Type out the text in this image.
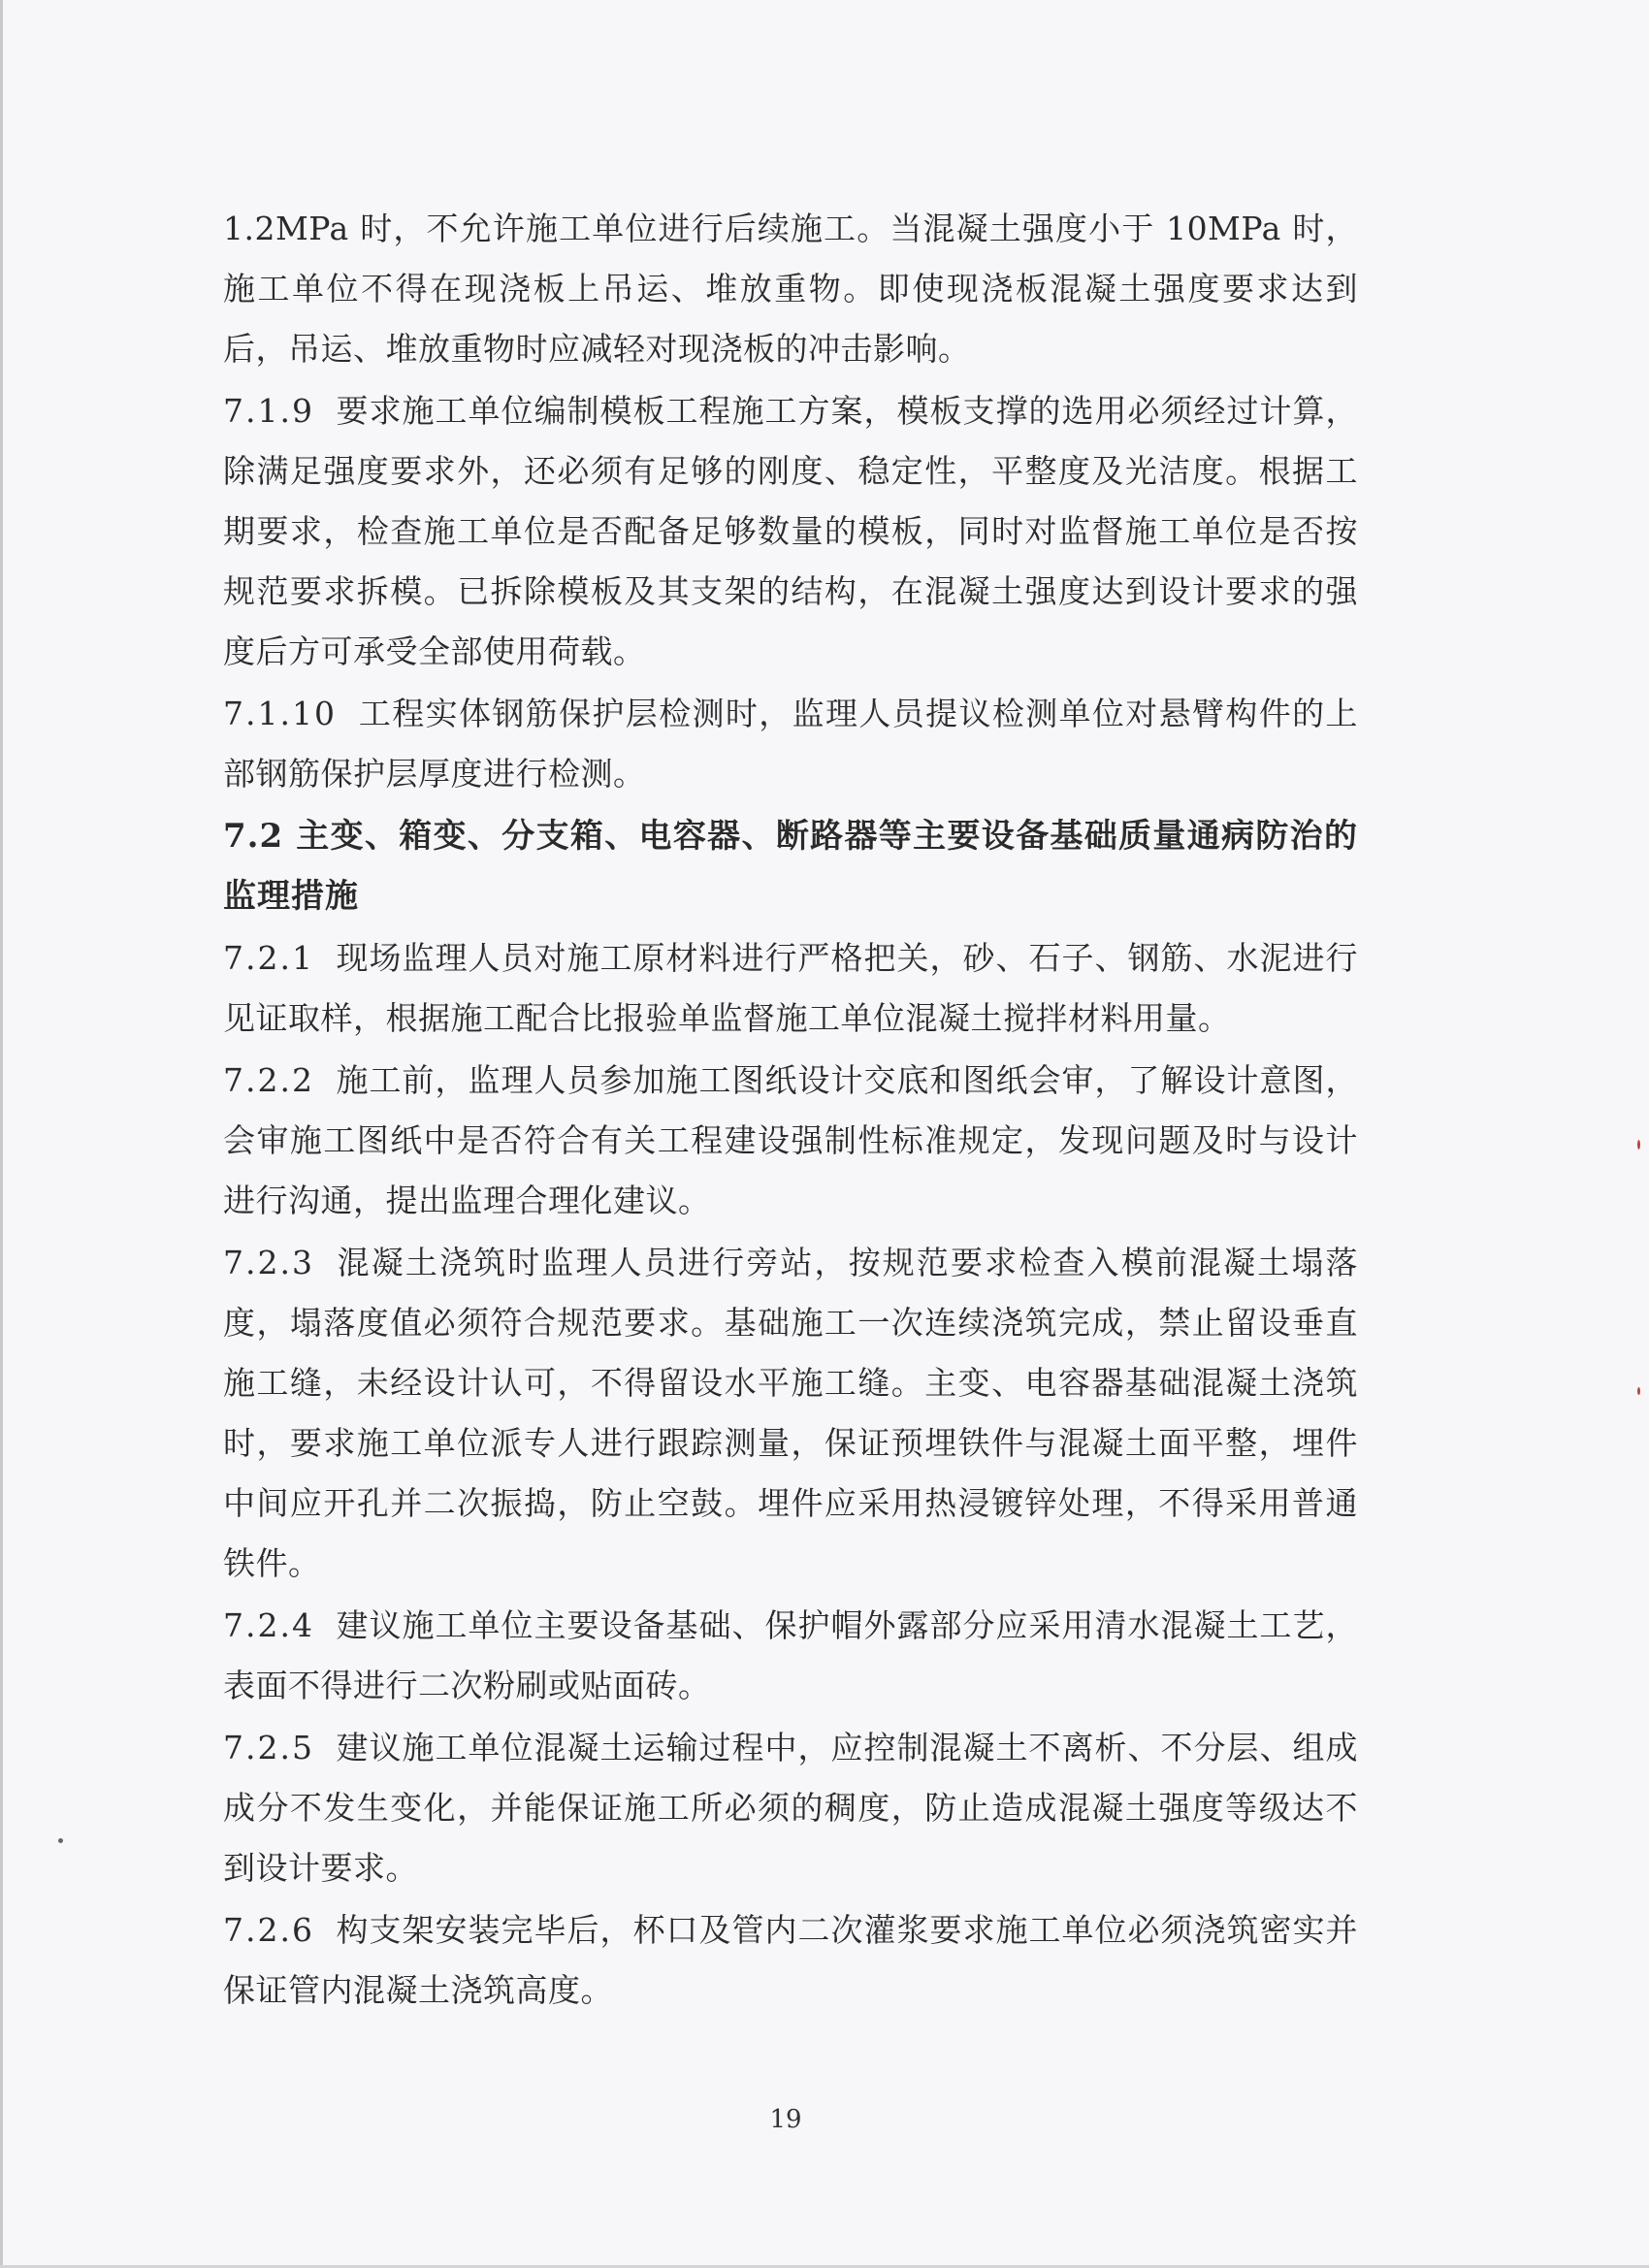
1.2MPa 时，不允许施工单位进行后续施工。当混凝土强度小于 10MPa 时，施工单位不得在现浇板上吊运、堆放重物。即使现浇板混凝土强度要求达到后，吊运、堆放重物时应减轻对现浇板的冲击影响。

7.1.9 要求施工单位编制模板工程施工方案，模板支撑的选用必须经过计算，除满足强度要求外，还必须有足够的刚度、稳定性，平整度及光洁度。根据工期要求，检查施工单位是否配备足够数量的模板，同时对监督施工单位是否按规范要求拆模。已拆除模板及其支架的结构，在混凝土强度达到设计要求的强度后方可承受全部使用荷载。

7.1.10 工程实体钢筋保护层检测时，监理人员提议检测单位对悬臂构件的上部钢筋保护层厚度进行检测。

7.2 主变、箱变、分支箱、电容器、断路器等主要设备基础质量通病防治的监理措施

7.2.1 现场监理人员对施工原材料进行严格把关，砂、石子、钢筋、水泥进行见证取样，根据施工配合比报验单监督施工单位混凝土搅拌材料用量。

7.2.2 施工前，监理人员参加施工图纸设计交底和图纸会审，了解设计意图，会审施工图纸中是否符合有关工程建设强制性标准规定，发现问题及时与设计进行沟通，提出监理合理化建议。

7.2.3 混凝土浇筑时监理人员进行旁站，按规范要求检查入模前混凝土塌落度，塌落度值必须符合规范要求。基础施工一次连续浇筑完成，禁止留设垂直施工缝，未经设计认可，不得留设水平施工缝。主变、电容器基础混凝土浇筑时，要求施工单位派专人进行跟踪测量，保证预埋铁件与混凝土面平整，埋件中间应开孔并二次振捣，防止空鼓。埋件应采用热浸镀锌处理，不得采用普通铁件。

7.2.4 建议施工单位主要设备基础、保护帽外露部分应采用清水混凝土工艺，表面不得进行二次粉刷或贴面砖。

7.2.5 建议施工单位混凝土运输过程中，应控制混凝土不离析、不分层、组成成分不发生变化，并能保证施工所必须的稠度，防止造成混凝土强度等级达不到设计要求。

7.2.6 构支架安装完毕后，杯口及管内二次灌浆要求施工单位必须浇筑密实并保证管内混凝土浇筑高度。

19
